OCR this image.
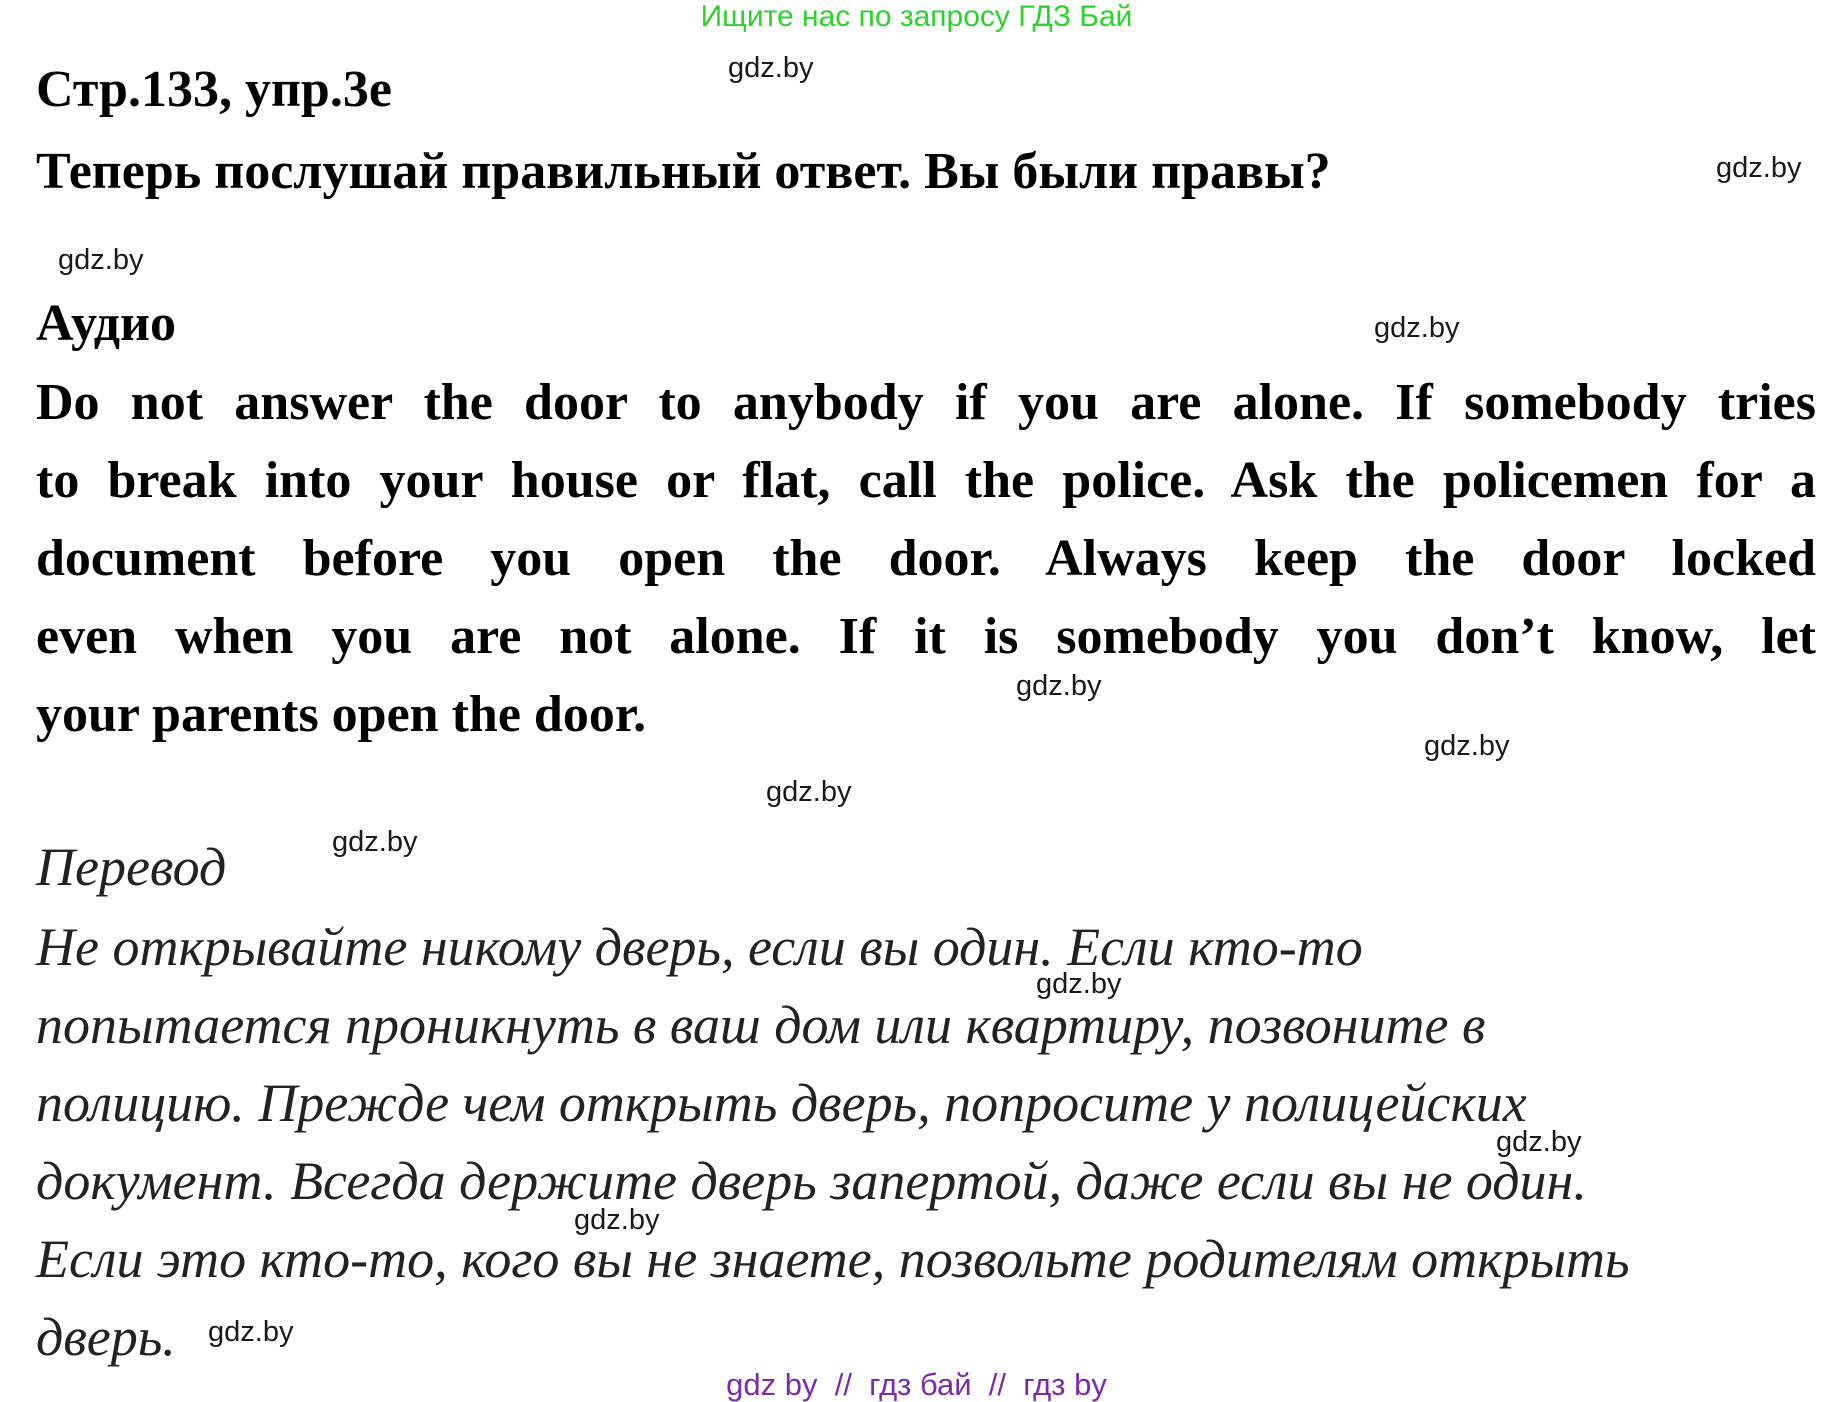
Ищите нас по запросу ГДЗ Бай
Стр.133, упр.3е
Теперь послушай правильный ответ. Вы были правы?
Аудио
Do not answer the door to anybody if you are alone. If somebody tries
to break into your house or flat, call the police. Ask the policemen for a
document before you open the door. Always keep the door locked
even when you are not alone. If it is somebody you don’t know, let
your parents open the door.
Перевод
Не открывайте никому дверь, если вы один. Если кто-то
попытается проникнуть в ваш дом или квартиру, позвоните в
полицию. Прежде чем открыть дверь, попросите у полицейских
документ. Всегда держите дверь запертой, даже если вы не один.
Если это кто-то, кого вы не знаете, позвольте родителям открыть
дверь.
gdz.by
gdz.by
gdz.by
gdz.by
gdz.by
gdz.by
gdz.by
gdz.by
gdz.by
gdz.by
gdz.by
gdz.by
gdz by  //  гдз бай  //  гдз by
